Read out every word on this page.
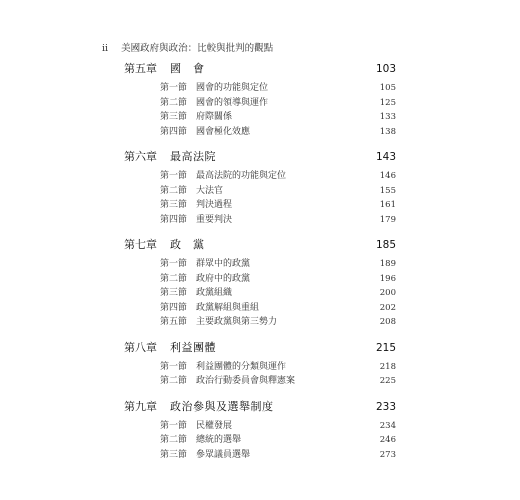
ii 美國政府與政治：比較與批判的觀點
第五章	國　會	103
第一節 國會的功能與定位	105
第二節 國會的領導與運作	125
第三節 府際關係	133
第四節 國會極化效應	138
第六章	最高法院	143
第一節 最高法院的功能與定位	146
第二節 大法官	155
第三節 判決過程	161
第四節 重要判決	179
第七章	政　黨	185
第一節 群眾中的政黨	189
第二節 政府中的政黨	196
第三節 政黨組織	200
第四節 政黨解組與重組	202
第五節 主要政黨與第三勢力	208
第八章	利益團體	215
第一節 利益團體的分類與運作	218
第二節 政治行動委員會與釋憲案	225
第九章	政治參與及選舉制度	233
第一節 民權發展	234
第二節 總統的選舉	246
第三節 參眾議員選舉	273
